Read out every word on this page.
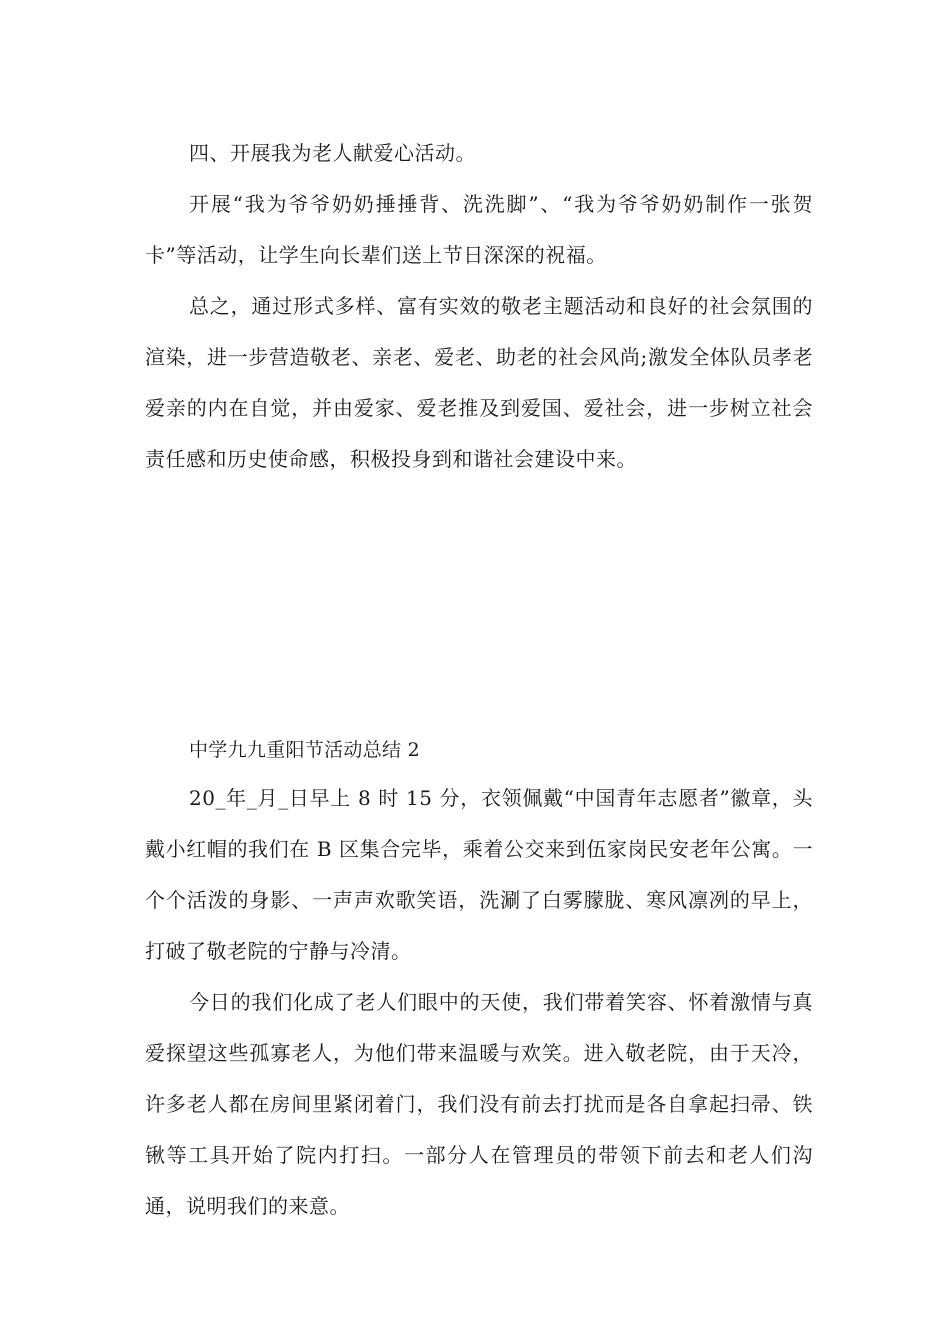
四、开展我为老人献爱心活动。

开展“我为爷爷奶奶捶捶背、洗洗脚”、“我为爷爷奶奶制作一张贺卡”等活动，让学生向长辈们送上节日深深的祝福。

总之，通过形式多样、富有实效的敬老主题活动和良好的社会氛围的渲染，进一步营造敬老、亲老、爱老、助老的社会风尚;激发全体队员孝老爱亲的内在自觉，并由爱家、爱老推及到爱国、爱社会，进一步树立社会责任感和历史使命感，积极投身到和谐社会建设中来。

中学九九重阳节活动总结 2

20_年_月_日早上 8 时 15 分，衣领佩戴“中国青年志愿者”徽章，头戴小红帽的我们在 B 区集合完毕，乘着公交来到伍家岗民安老年公寓。一个个活泼的身影、一声声欢歌笑语，洗涮了白雾朦胧、寒风凛冽的早上，打破了敬老院的宁静与冷清。

今日的我们化成了老人们眼中的天使，我们带着笑容、怀着激情与真爱探望这些孤寡老人，为他们带来温暖与欢笑。进入敬老院，由于天冷，许多老人都在房间里紧闭着门，我们没有前去打扰而是各自拿起扫帚、铁锹等工具开始了院内打扫。一部分人在管理员的带领下前去和老人们沟通，说明我们的来意。
